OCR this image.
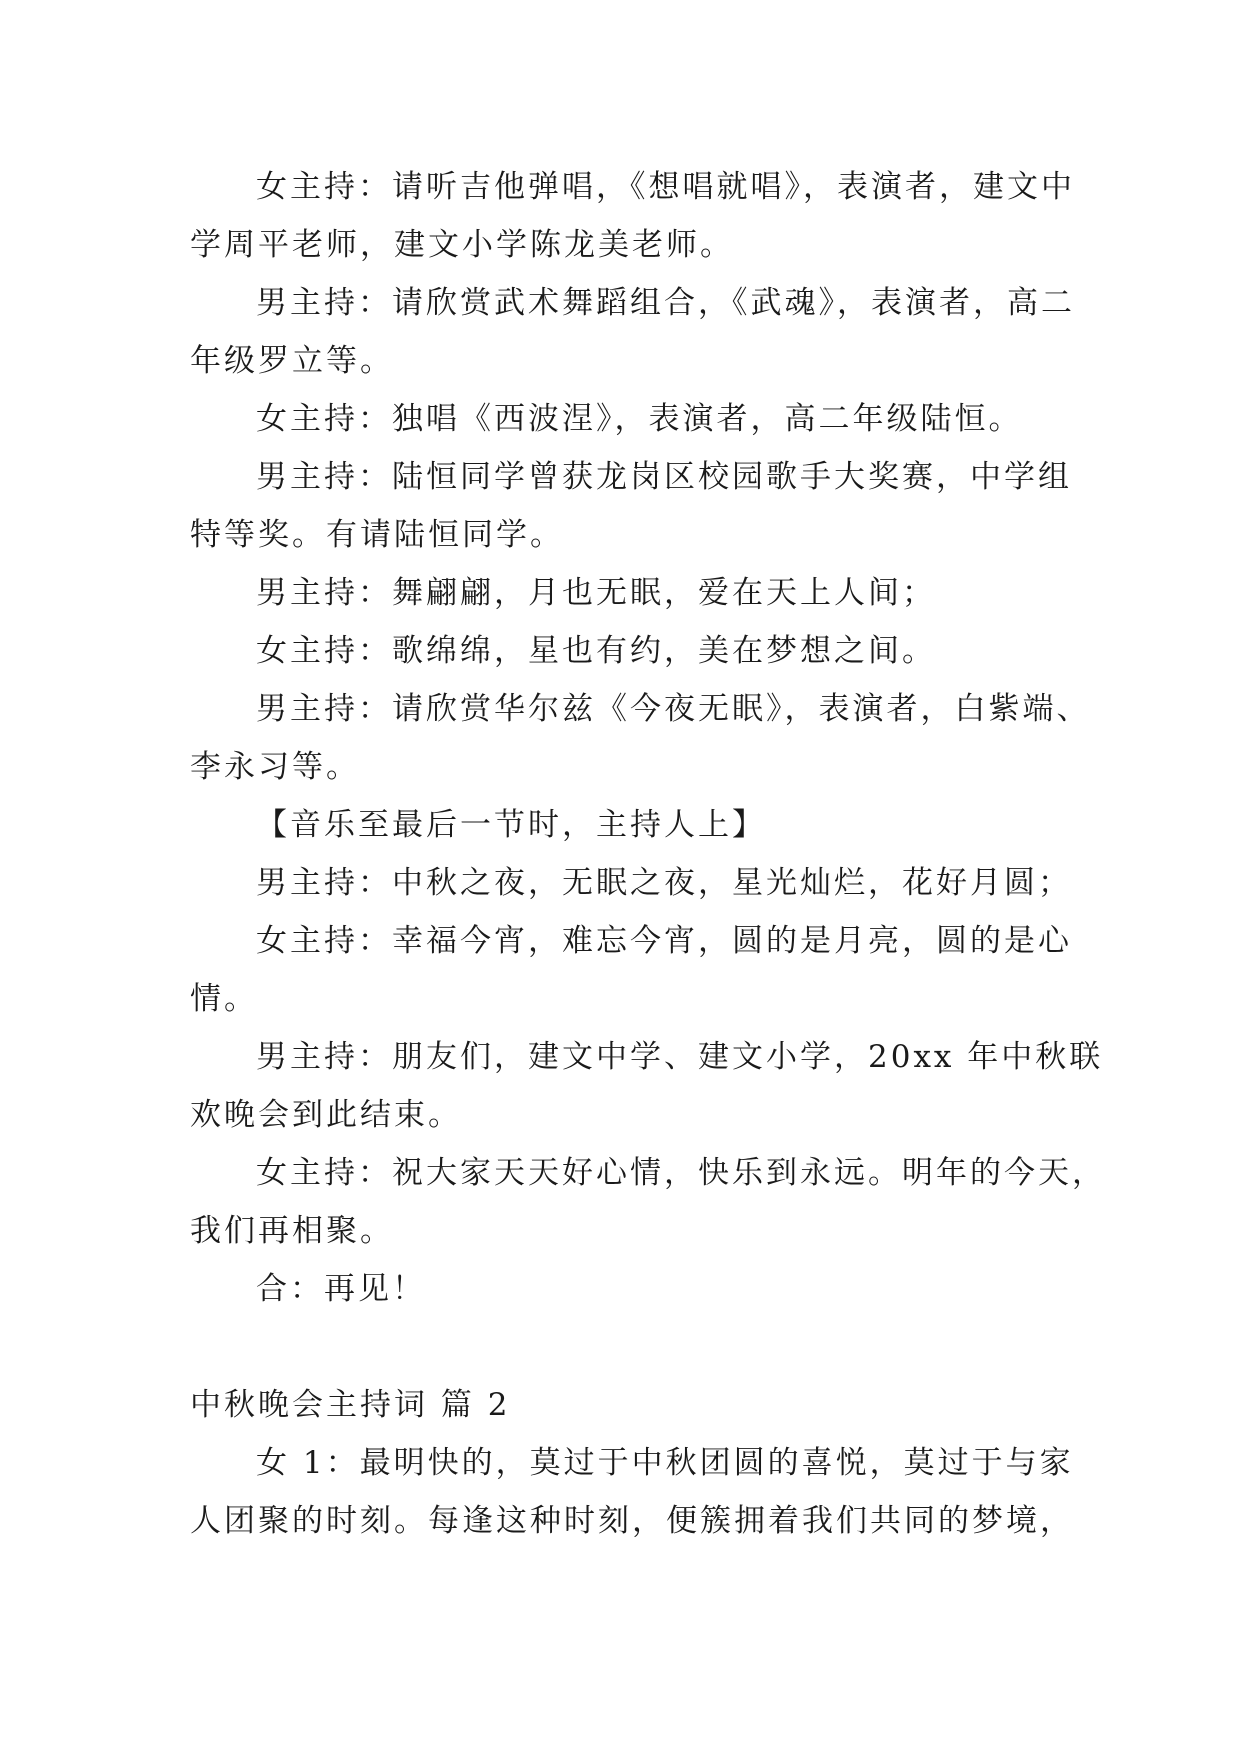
女主持：请听吉他弹唱，《想唱就唱》，表演者，建文中
学周平老师，建文小学陈龙美老师。
男主持：请欣赏武术舞蹈组合，《武魂》，表演者，高二
年级罗立等。
女主持：独唱《西波涅》，表演者，高二年级陆恒。
男主持：陆恒同学曾获龙岗区校园歌手大奖赛，中学组
特等奖。有请陆恒同学。
男主持：舞翩翩，月也无眠，爱在天上人间；
女主持：歌绵绵，星也有约，美在梦想之间。
男主持：请欣赏华尔兹《今夜无眠》，表演者，白紫端、
李永习等。
【音乐至最后一节时，主持人上】
男主持：中秋之夜，无眠之夜，星光灿烂，花好月圆；
女主持：幸福今宵，难忘今宵，圆的是月亮，圆的是心
情。
男主持：朋友们，建文中学、建文小学，20xx 年中秋联
欢晚会到此结束。
女主持：祝大家天天好心情，快乐到永远。明年的今天，
我们再相聚。
合：再见！
中秋晚会主持词 篇 2
女 1：最明快的，莫过于中秋团圆的喜悦，莫过于与家
人团聚的时刻。每逢这种时刻，便簇拥着我们共同的梦境，
